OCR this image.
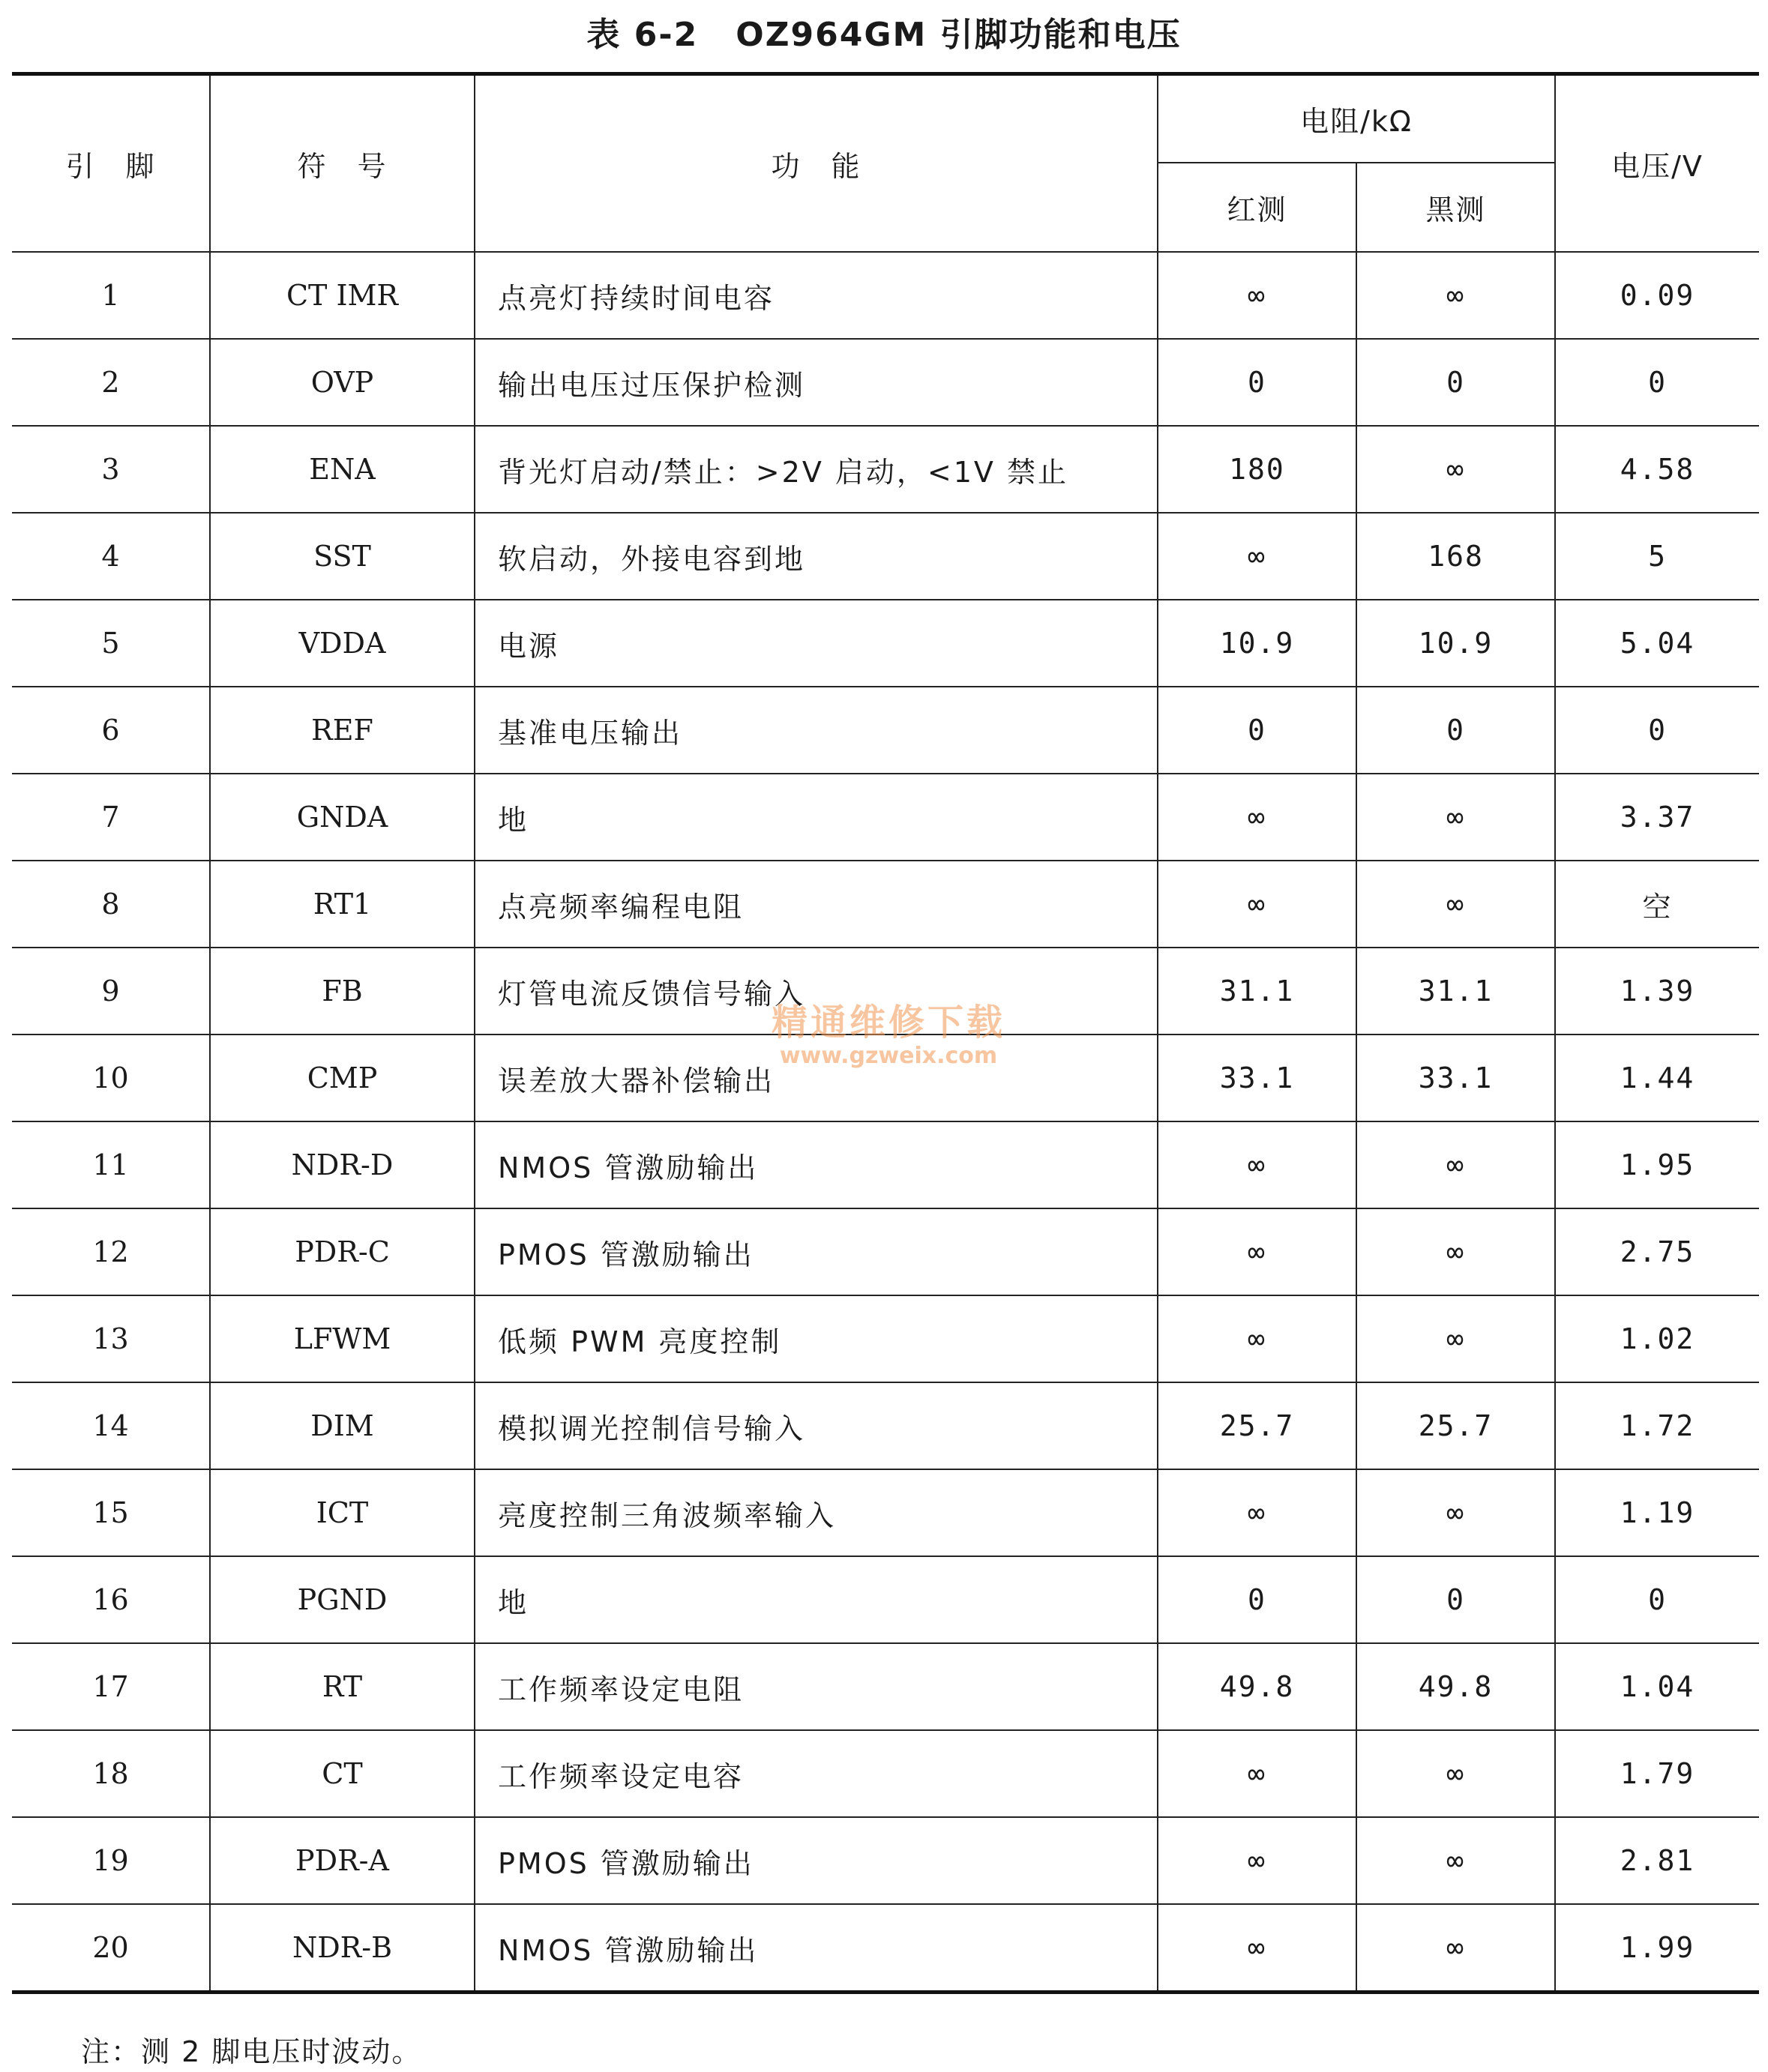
表 6-2 OZ964GM 引脚功能和电压
引　脚	符　号	功　能	电阻/kΩ		电压/V
			红测	黑测	
1	CT IMR	点亮灯持续时间电容	∞	∞	0.09
2	OVP	输出电压过压保护检测	0	0	0
3	ENA	背光灯启动/禁止：>2V 启动，<1V 禁止	180	∞	4.58
4	SST	软启动，外接电容到地	∞	168	5
5	VDDA	电源	10.9	10.9	5.04
6	REF	基准电压输出	0	0	0
7	GNDA	地	∞	∞	3.37
8	RT1	点亮频率编程电阻	∞	∞	空
9	FB	灯管电流反馈信号输入	31.1	31.1	1.39
10	CMP	误差放大器补偿输出	33.1	33.1	1.44
11	NDR-D	NMOS 管激励输出	∞	∞	1.95
12	PDR-C	PMOS 管激励输出	∞	∞	2.75
13	LFWM	低频 PWM 亮度控制	∞	∞	1.02
14	DIM	模拟调光控制信号输入	25.7	25.7	1.72
15	ICT	亮度控制三角波频率输入	∞	∞	1.19
16	PGND	地	0	0	0
17	RT	工作频率设定电阻	49.8	49.8	1.04
18	CT	工作频率设定电容	∞	∞	1.79
19	PDR-A	PMOS 管激励输出	∞	∞	2.81
20	NDR-B	NMOS 管激励输出	∞	∞	1.99
精通维修下载
www.gzweix.com
注：测 2 脚电压时波动。
